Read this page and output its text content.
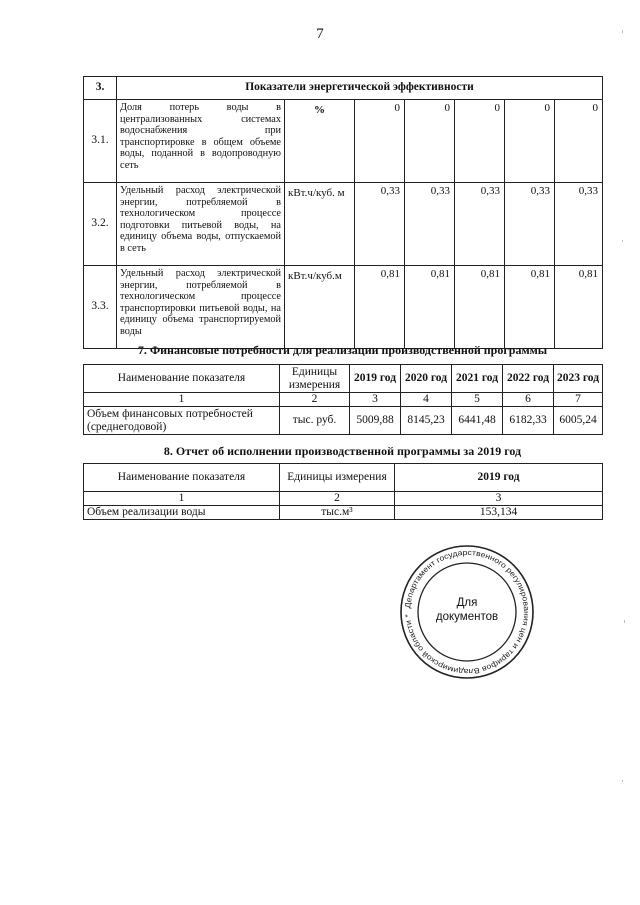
7
3.	Показатели энергетической эффективности						
3.1.	Доля потерь воды в централизованных системах водоснабжения при транспортировке в общем объеме воды, поданной в водопроводную сеть	%	0	0	0	0	0
3.2.	Удельный расход электрической энергии, потребляемой в технологическом процессе подготовки питьевой воды, на единицу объема воды, отпускаемой в сеть	кВт.ч/куб. м	0,33	0,33	0,33	0,33	0,33
3.3.	Удельный расход электрической энергии, потребляемой в технологическом процессе транспортировки питьевой воды, на единицу объема транспортируемой воды	кВт.ч/куб.м	0,81	0,81	0,81	0,81	0,81
7. Финансовые потребности для реализации производственной программы
Наименование показателя	Единицы измерения	2019 год	2020 год	2021 год	2022 год	2023 год
1	2	3	4	5	6	7
Объем финансовых потребностей (среднегодовой)	тыс. руб.	5009,88	8145,23	6441,48	6182,33	6005,24
8. Отчет об исполнении производственной программы за 2019 год
Наименование показателя	Единицы измерения	2019 год
1	2	3
Объем реализации воды	тыс.м³	153,134
Департамент государственного регулирования цен и тарифов Владимирской области *
Для
документов
